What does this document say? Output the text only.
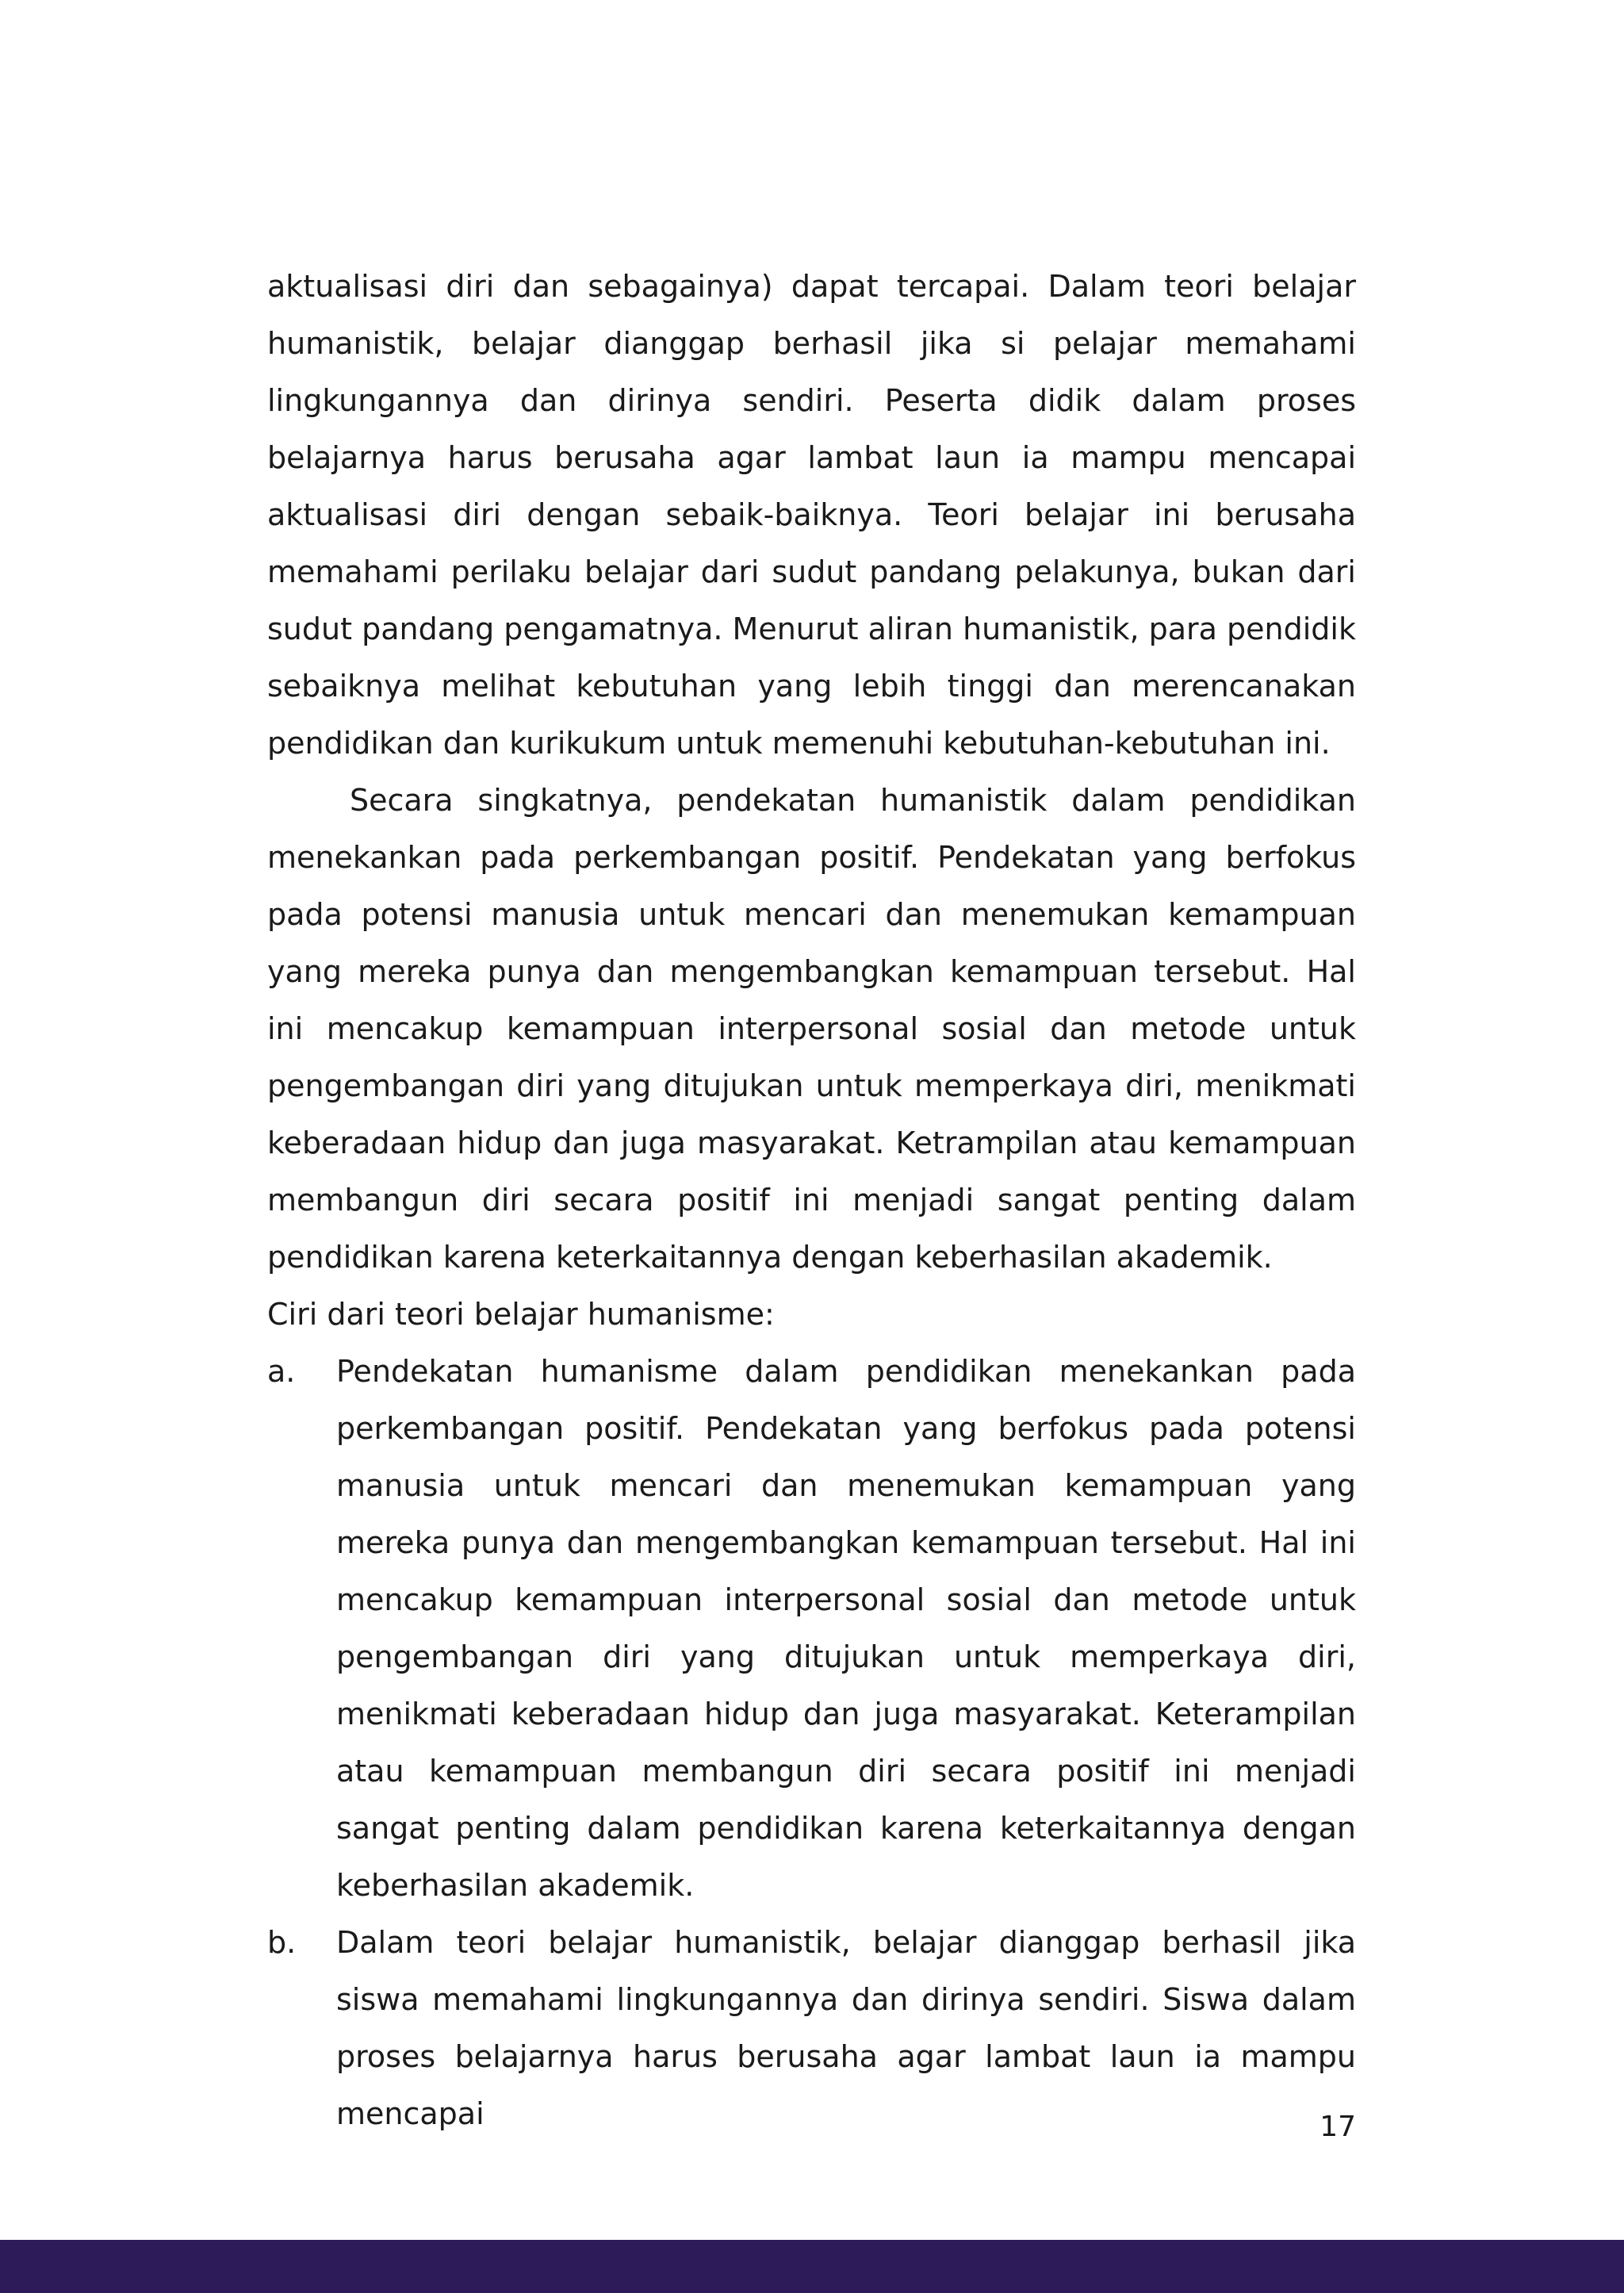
aktualisasi diri dan sebagainya) dapat tercapai. Dalam teori belajar humanistik, belajar dianggap berhasil jika si pelajar memahami lingkungannya dan dirinya sendiri. Peserta didik dalam proses belajarnya harus berusaha agar lambat laun ia mampu mencapai aktualisasi diri dengan sebaik-baiknya. Teori belajar ini berusaha memahami perilaku belajar dari sudut pandang pelakunya, bukan dari sudut pandang pengamatnya. Menurut aliran humanistik, para pendidik sebaiknya melihat kebutuhan yang lebih tinggi dan merencanakan pendidikan dan kurikukum untuk memenuhi kebutuhan-kebutuhan ini.

Secara singkatnya, pendekatan humanistik dalam pendidikan menekankan pada perkembangan positif. Pendekatan yang berfokus pada potensi manusia untuk mencari dan menemukan kemampuan yang mereka punya dan mengembangkan kemampuan tersebut. Hal ini mencakup kemampuan interpersonal sosial dan metode untuk pengembangan diri yang ditujukan untuk memperkaya diri, menikmati keberadaan hidup dan juga masyarakat. Ketrampilan atau kemampuan membangun diri secara positif ini menjadi sangat penting dalam pendidikan karena keterkaitannya dengan keberhasilan akademik.

Ciri dari teori belajar humanisme:

a. Pendekatan humanisme dalam pendidikan menekankan pada perkembangan positif. Pendekatan yang berfokus pada potensi manusia untuk mencari dan menemukan kemampuan yang mereka punya dan mengembangkan kemampuan tersebut. Hal ini mencakup kemampuan interpersonal sosial dan metode untuk pengembangan diri yang ditujukan untuk memperkaya diri, menikmati keberadaan hidup dan juga masyarakat. Keterampilan atau kemampuan membangun diri secara positif ini menjadi sangat penting dalam pendidikan karena keterkaitannya dengan keberhasilan akademik.
b. Dalam teori belajar humanistik, belajar dianggap berhasil jika siswa memahami lingkungannya dan dirinya sendiri. Siswa dalam proses belajarnya harus berusaha agar lambat laun ia mampu mencapai	17
